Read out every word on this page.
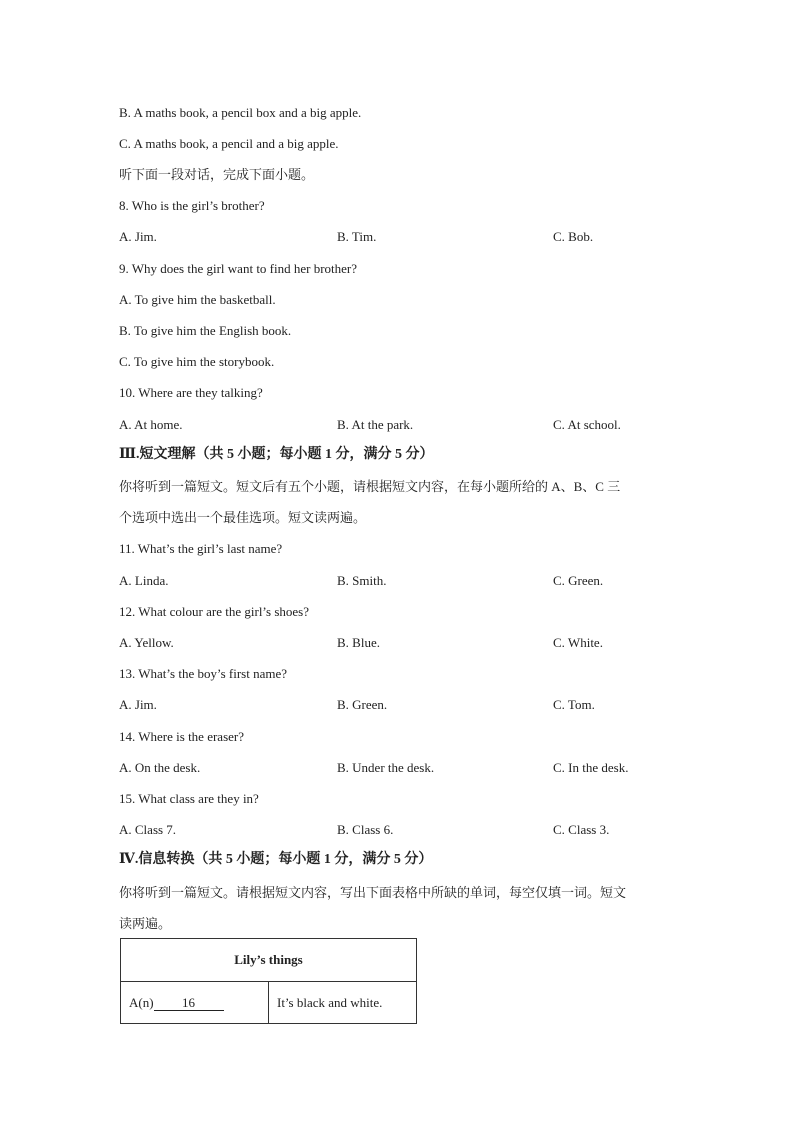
B. A maths book, a pencil box and a big apple.
C. A maths book, a pencil and a big apple.
听下面一段对话，完成下面小题。
8. Who is the girl’s brother?
A. Jim.	B. Tim.	C. Bob.
9. Why does the girl want to find her brother?
A. To give him the basketball.
B. To give him the English book.
C. To give him the storybook.
10. Where are they talking?
A. At home.	B. At the park.	C. At school.
Ⅲ.短文理解（共 5 小题；每小题 1 分，满分 5 分）
你将听到一篇短文。短文后有五个小题，请根据短文内容，在每小题所给的 A、B、C 三
个选项中选出一个最佳选项。短文读两遍。
11. What’s the girl’s last name?
A. Linda.	B. Smith.	C. Green.
12. What colour are the girl’s shoes?
A. Yellow.	B. Blue.	C. White.
13. What’s the boy’s first name?
A. Jim.	B. Green.	C. Tom.
14. Where is the eraser?
A. On the desk.	B. Under the desk.	C. In the desk.
15. What class are they in?
A. Class 7.	B. Class 6.	C. Class 3.
Ⅳ.信息转换（共 5 小题；每小题 1 分，满分 5 分）
你将听到一篇短文。请根据短文内容，写出下面表格中所缺的单词，每空仅填一词。短文
读两遍。
Lily’s things
A(n) 16	It’s black and white.
